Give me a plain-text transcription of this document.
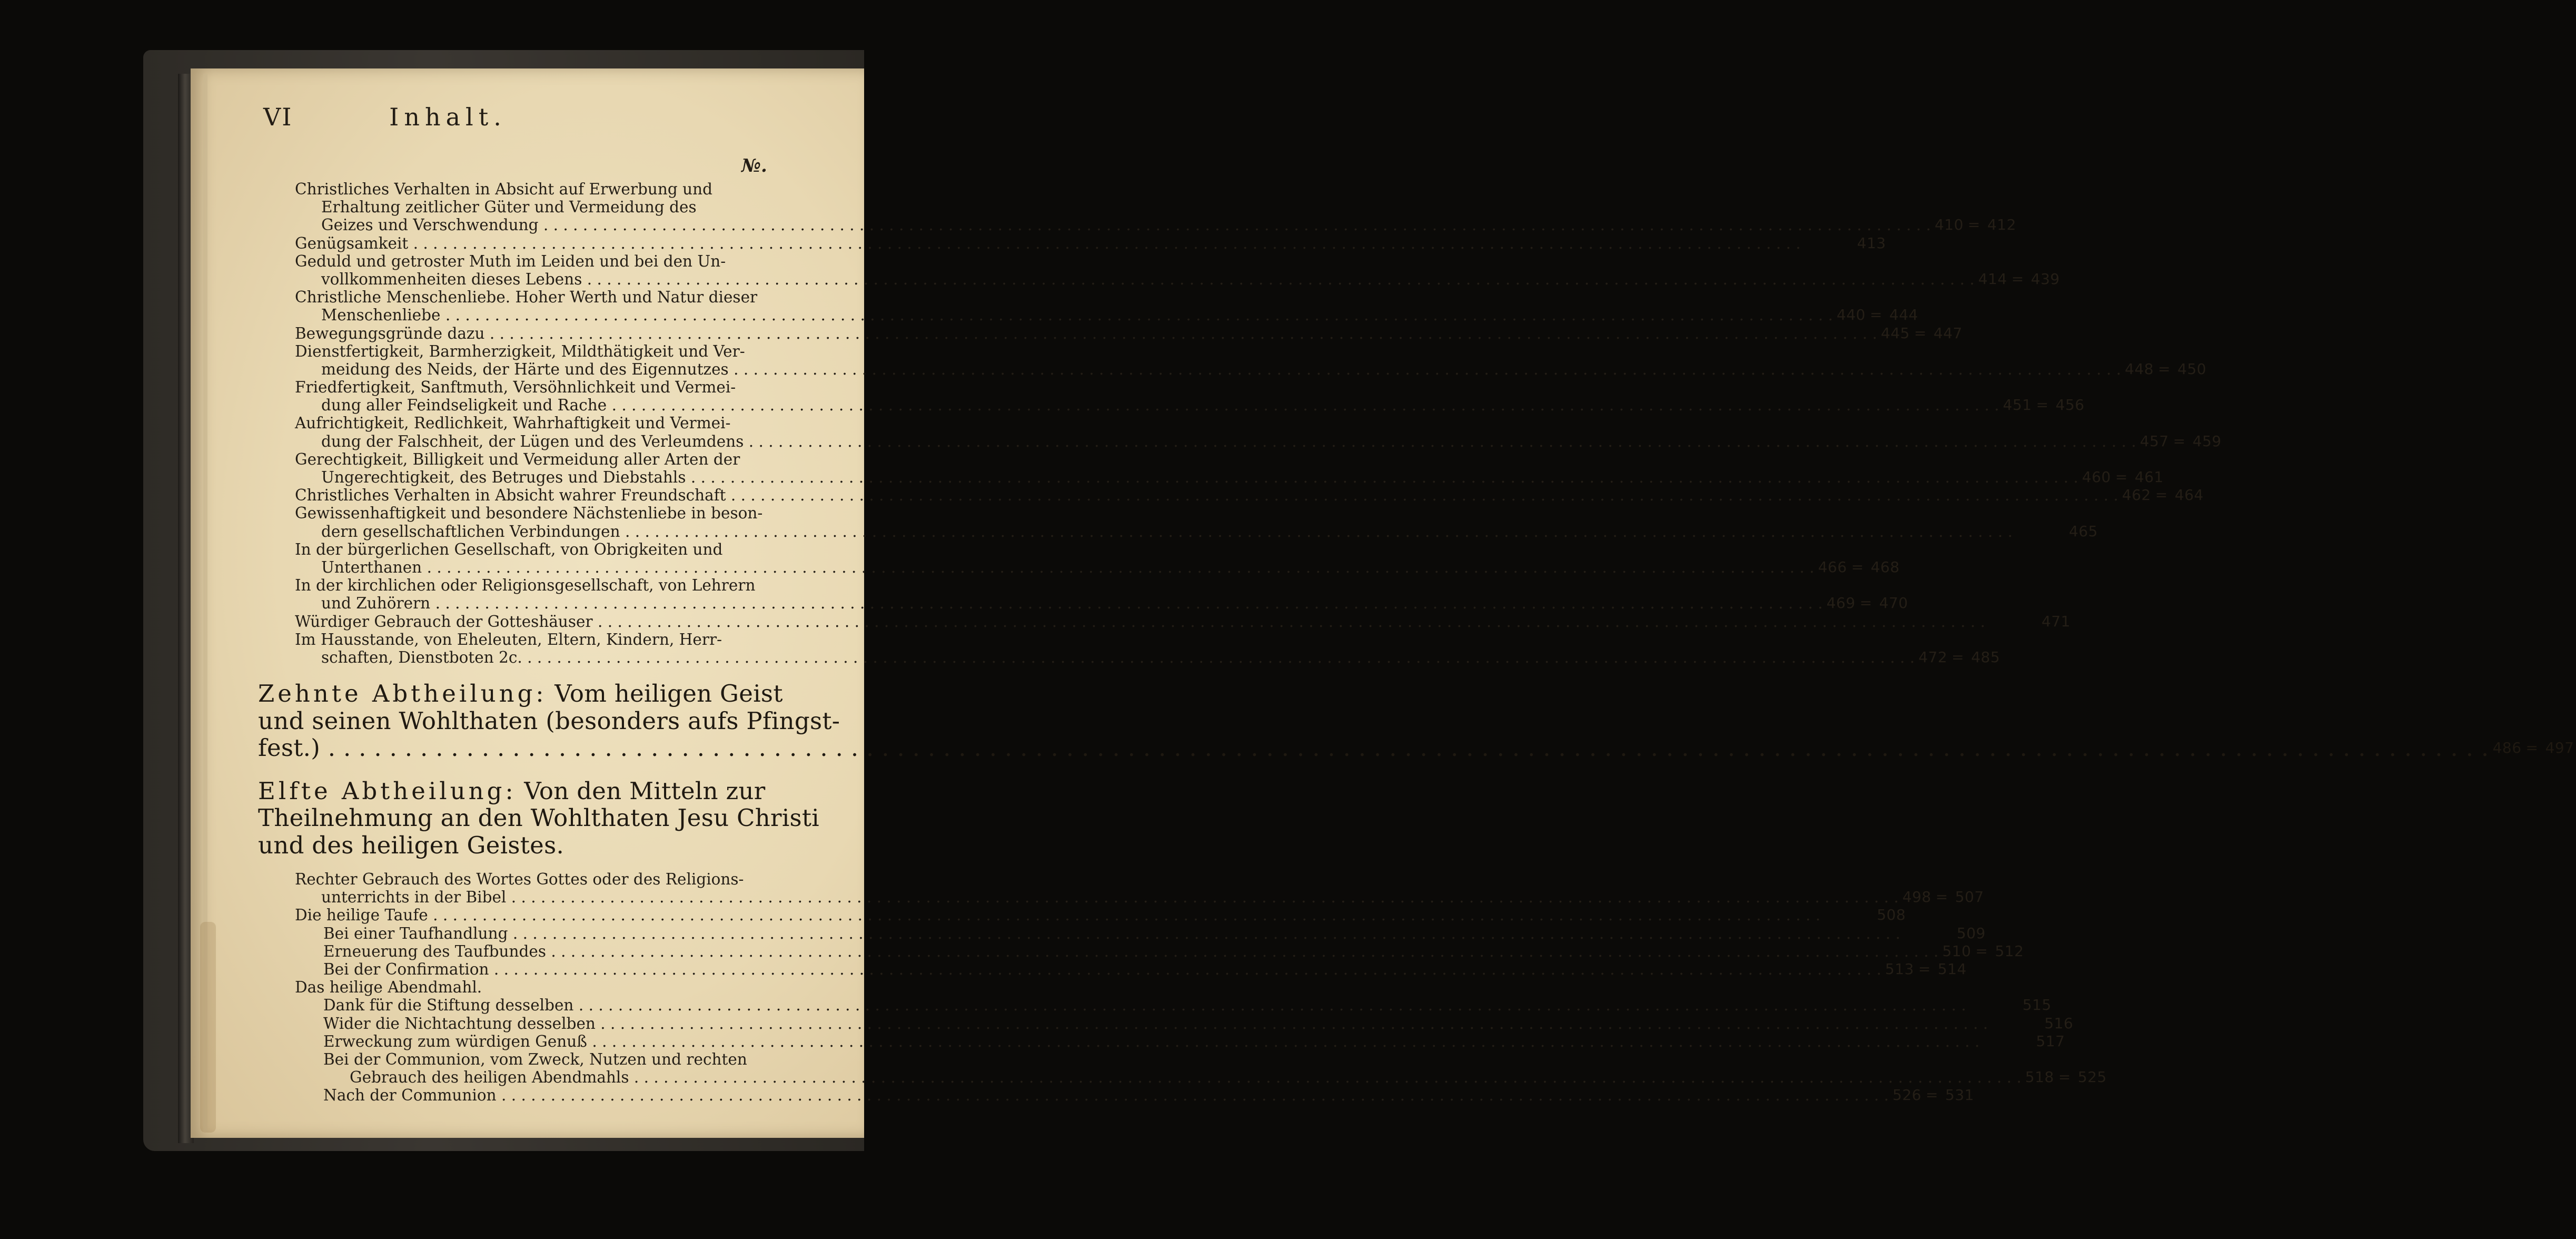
VI	Inhalt.
№.
Christliches Verhalten in Absicht auf Erwerbung und
Erhaltung zeitlicher Güter und Vermeidung des
Geizes und Verschwendung . . .	410 = 412
Genügsamkeit . . .	413
Geduld und getroster Muth im Leiden und bei den Un-
vollkommenheiten dieses Lebens . . .	414 = 439
Christliche Menschenliebe. Hoher Werth und Natur dieser
Menschenliebe . . .	440 = 444
Bewegungsgründe dazu . . .	445 = 447
Dienstfertigkeit, Barmherzigkeit, Mildthätigkeit und Ver-
meidung des Neids, der Härte und des Eigennutzes . . .	448 = 450
Friedfertigkeit, Sanftmuth, Versöhnlichkeit und Vermei-
dung aller Feindseligkeit und Rache . . .	451 = 456
Aufrichtigkeit, Redlichkeit, Wahrhaftigkeit und Vermei-
dung der Falschheit, der Lügen und des Verleumdens . . .	457 = 459
Gerechtigkeit, Billigkeit und Vermeidung aller Arten der
Ungerechtigkeit, des Betruges und Diebstahls . . .	460 = 461
Christliches Verhalten in Absicht wahrer Freundschaft . . .	462 = 464
Gewissenhaftigkeit und besondere Nächstenliebe in beson-
dern gesellschaftlichen Verbindungen . . .	465
In der bürgerlichen Gesellschaft, von Obrigkeiten und
Unterthanen . . .	466 = 468
In der kirchlichen oder Religionsgesellschaft, von Lehrern
und Zuhörern . . .	469 = 470
Würdiger Gebrauch der Gotteshäuser . . .	471
Im Hausstande, von Eheleuten, Eltern, Kindern, Herr-
schaften, Dienstboten 2c. . . .	472 = 485
Zehnte Abtheilung: Vom heiligen Geist
und seinen Wohlthaten (besonders aufs Pfingst-
fest.) . . .	486 = 497
Elfte Abtheilung: Von den Mitteln zur
Theilnehmung an den Wohlthaten Jesu Christi
und des heiligen Geistes.
Rechter Gebrauch des Wortes Gottes oder des Religions-
unterrichts in der Bibel . . .	498 = 507
Die heilige Taufe . . .	508
Bei einer Taufhandlung . . .	509
Erneuerung des Taufbundes . . .	510 = 512
Bei der Confirmation . . .	513 = 514
Das heilige Abendmahl.
Dank für die Stiftung desselben . . .	515
Wider die Nichtachtung desselben . . .	516
Erweckung zum würdigen Genuß . . .	517
Bei der Communion, vom Zweck, Nutzen und rechten
Gebrauch des heiligen Abendmahls . . .	518 = 525
Nach der Communion . . .	526 = 531
